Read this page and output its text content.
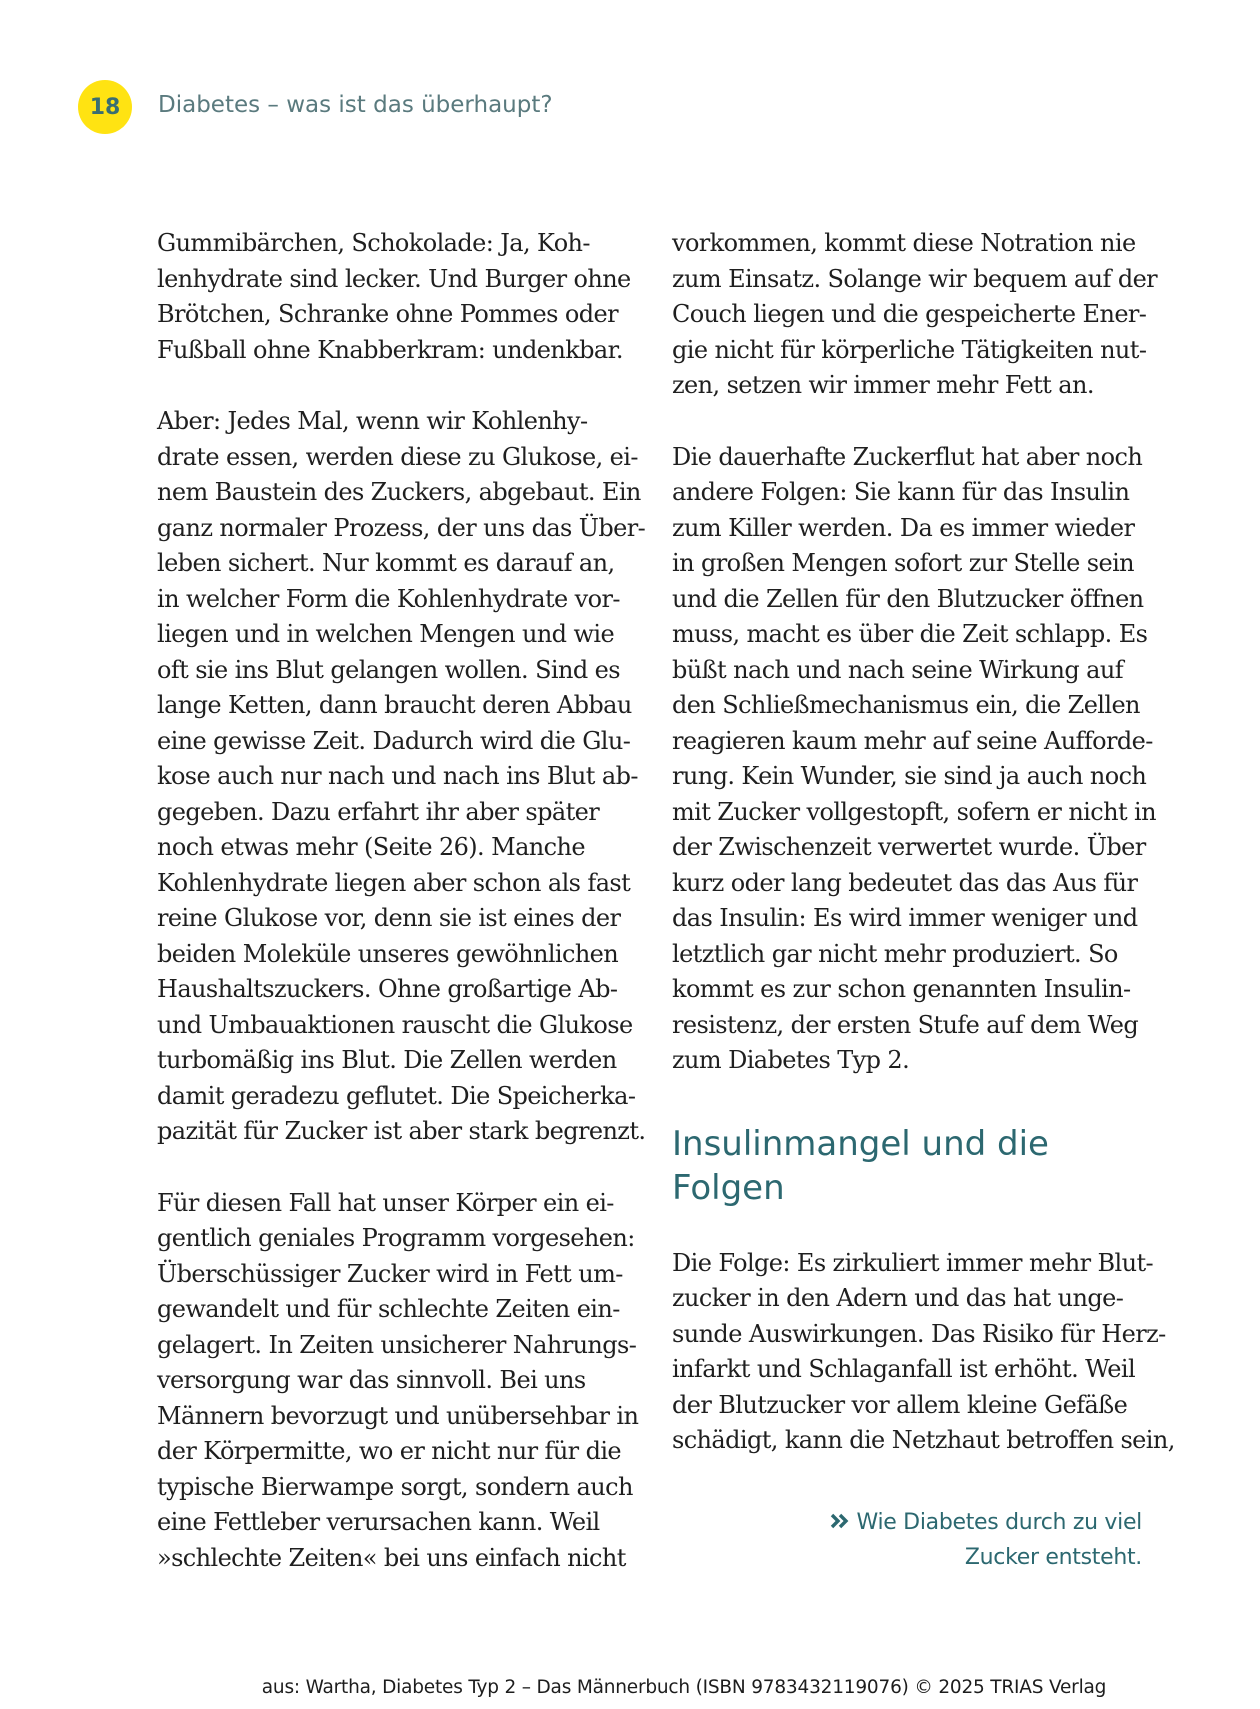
18 Diabetes – was ist das überhaupt?
Gummibärchen, Schokolade: Ja, Koh-
lenhydrate sind lecker. Und Burger ohne
Brötchen, Schranke ohne Pommes oder
Fußball ohne Knabberkram: undenkbar.
Aber: Jedes Mal, wenn wir Kohlenhy-
drate essen, werden diese zu Glukose, ei-
nem Baustein des Zuckers, abgebaut. Ein
ganz normaler Prozess, der uns das Über-
leben sichert. Nur kommt es darauf an,
in welcher Form die Kohlenhydrate vor-
liegen und in welchen Mengen und wie
oft sie ins Blut gelangen wollen. Sind es
lange Ketten, dann braucht deren Abbau
eine gewisse Zeit. Dadurch wird die Glu-
kose auch nur nach und nach ins Blut ab-
gegeben. Dazu erfahrt ihr aber später
noch etwas mehr (Seite 26). Manche
Kohlenhydrate liegen aber schon als fast
reine Glukose vor, denn sie ist eines der
beiden Moleküle unseres gewöhnlichen
Haushaltszuckers. Ohne großartige Ab-
und Umbauaktionen rauscht die Glukose
turbomäßig ins Blut. Die Zellen werden
damit geradezu geflutet. Die Speicherka-
pazität für Zucker ist aber stark begrenzt.
Für diesen Fall hat unser Körper ein ei-
gentlich geniales Programm vorgesehen:
Überschüssiger Zucker wird in Fett um-
gewandelt und für schlechte Zeiten ein-
gelagert. In Zeiten unsicherer Nahrungs-
versorgung war das sinnvoll. Bei uns
Männern bevorzugt und unübersehbar in
der Körpermitte, wo er nicht nur für die
typische Bierwampe sorgt, sondern auch
eine Fettleber verursachen kann. Weil
»schlechte Zeiten« bei uns einfach nicht
vorkommen, kommt diese Notration nie
zum Einsatz. Solange wir bequem auf der
Couch liegen und die gespeicherte Ener-
gie nicht für körperliche Tätigkeiten nut-
zen, setzen wir immer mehr Fett an.
Die dauerhafte Zuckerflut hat aber noch
andere Folgen: Sie kann für das Insulin
zum Killer werden. Da es immer wieder
in großen Mengen sofort zur Stelle sein
und die Zellen für den Blutzucker öffnen
muss, macht es über die Zeit schlapp. Es
büßt nach und nach seine Wirkung auf
den Schließmechanismus ein, die Zellen
reagieren kaum mehr auf seine Aufforde-
rung. Kein Wunder, sie sind ja auch noch
mit Zucker vollgestopft, sofern er nicht in
der Zwischenzeit verwertet wurde. Über
kurz oder lang bedeutet das das Aus für
das Insulin: Es wird immer weniger und
letztlich gar nicht mehr produziert. So
kommt es zur schon genannten Insulin-
resistenz, der ersten Stufe auf dem Weg
zum Diabetes Typ 2.
Insulinmangel und die
Folgen
Die Folge: Es zirkuliert immer mehr Blut-
zucker in den Adern und das hat unge-
sunde Auswirkungen. Das Risiko für Herz-
infarkt und Schlaganfall ist erhöht. Weil
der Blutzucker vor allem kleine Gefäße
schädigt, kann die Netzhaut betroffen sein,
Wie Diabetes durch zu viel
Zucker entsteht.
aus: Wartha, Diabetes Typ 2 – Das Männerbuch (ISBN 9783432119076) © 2025 TRIAS Verlag
